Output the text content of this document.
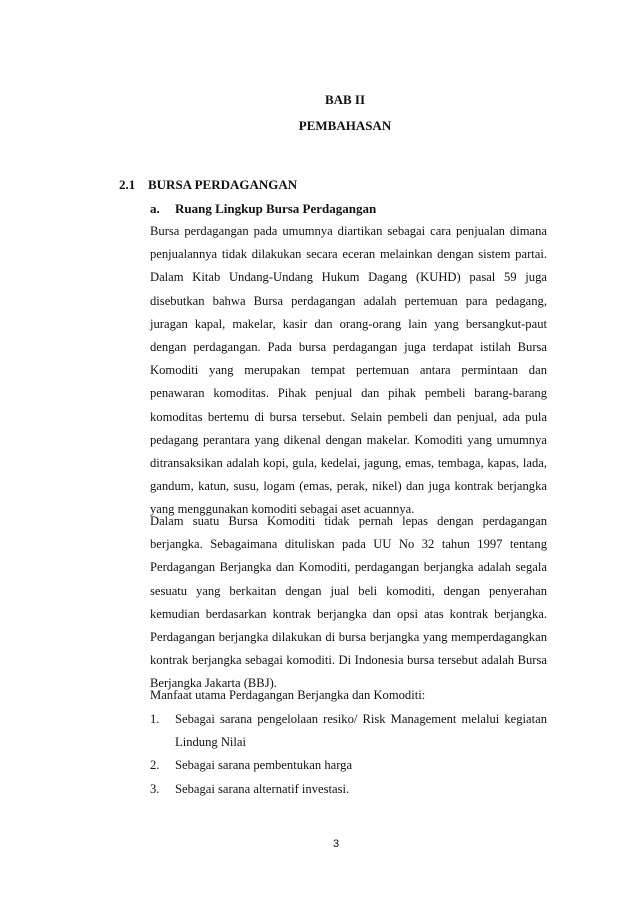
BAB II

PEMBAHASAN

2.1 BURSA PERDAGANGAN

a. Ruang Lingkup Bursa Perdagangan

Bursa perdagangan pada umumnya diartikan sebagai cara penjualan dimana penjualannya tidak dilakukan secara eceran melainkan dengan sistem partai. Dalam Kitab Undang-Undang Hukum Dagang (KUHD) pasal 59 juga disebutkan bahwa Bursa perdagangan adalah pertemuan para pedagang, juragan kapal, makelar, kasir dan orang-orang lain yang bersangkut-paut dengan perdagangan. Pada bursa perdagangan juga terdapat istilah Bursa Komoditi yang merupakan tempat pertemuan antara permintaan dan penawaran komoditas. Pihak penjual dan pihak pembeli barang-barang komoditas bertemu di bursa tersebut. Selain pembeli dan penjual, ada pula pedagang perantara yang dikenal dengan makelar. Komoditi yang umumnya ditransaksikan adalah kopi, gula, kedelai, jagung, emas, tembaga, kapas, lada, gandum, katun, susu, logam (emas, perak, nikel) dan juga kontrak berjangka yang menggunakan komoditi sebagai aset acuannya.

Dalam suatu Bursa Komoditi tidak pernah lepas dengan perdagangan berjangka. Sebagaimana dituliskan pada UU No 32 tahun 1997 tentang Perdagangan Berjangka dan Komoditi, perdagangan berjangka adalah segala sesuatu yang berkaitan dengan jual beli komoditi, dengan penyerahan kemudian berdasarkan kontrak berjangka dan opsi atas kontrak berjangka. Perdagangan berjangka dilakukan di bursa berjangka yang memperdagangkan kontrak berjangka sebagai komoditi. Di Indonesia bursa tersebut adalah Bursa Berjangka Jakarta (BBJ).

Manfaat utama Perdagangan Berjangka dan Komoditi:

1.	Sebagai sarana pengelolaan resiko/ Risk Management melalui kegiatan Lindung Nilai
2.	Sebagai sarana pembentukan harga
3.	Sebagai sarana alternatif investasi.

3
